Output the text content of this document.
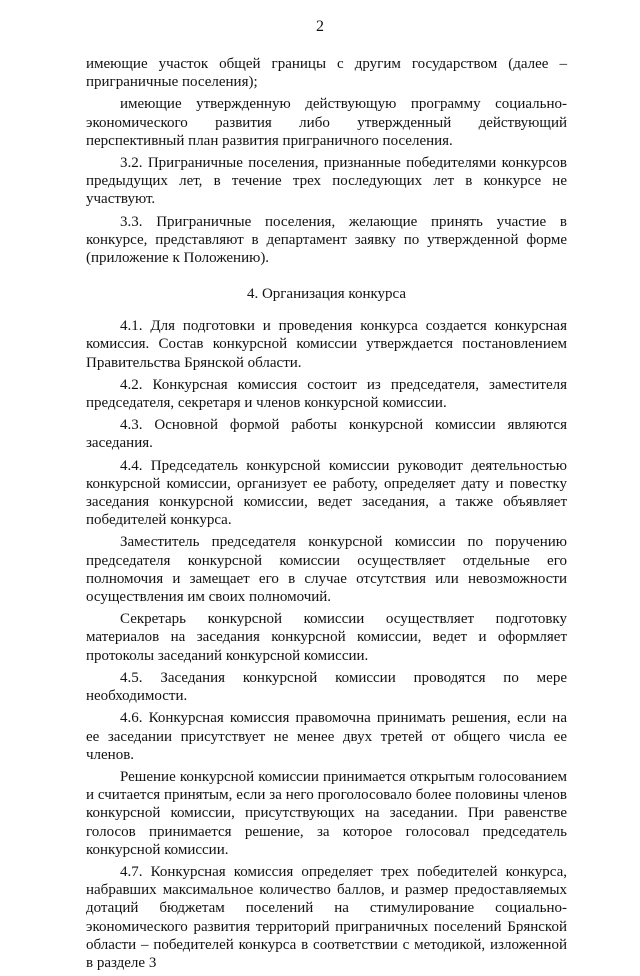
2

имеющие участок общей границы с другим государством (далее – приграничные поселения);

имеющие утвержденную действующую программу социально-экономического развития либо утвержденный действующий перспективный план развития приграничного поселения.

3.2. Приграничные поселения, признанные победителями конкурсов предыдущих лет, в течение трех последующих лет в конкурсе не участвуют.

3.3. Приграничные поселения, желающие принять участие в конкурсе, представляют в департамент заявку по утвержденной форме (приложение к Положению).

4. Организация конкурса

4.1. Для подготовки и проведения конкурса создается конкурсная комиссия. Состав конкурсной комиссии утверждается постановлением Правительства Брянской области.

4.2. Конкурсная комиссия состоит из председателя, заместителя председателя, секретаря и членов конкурсной комиссии.

4.3. Основной формой работы конкурсной комиссии являются заседания.

4.4. Председатель конкурсной комиссии руководит деятельностью конкурсной комиссии, организует ее работу, определяет дату и повестку заседания конкурсной комиссии, ведет заседания, а также объявляет победителей конкурса.

Заместитель председателя конкурсной комиссии по поручению председателя конкурсной комиссии осуществляет отдельные его полномочия и замещает его в случае отсутствия или невозможности осуществления им своих полномочий.

Секретарь конкурсной комиссии осуществляет подготовку материалов на заседания конкурсной комиссии, ведет и оформляет протоколы заседаний конкурсной комиссии.

4.5. Заседания конкурсной комиссии проводятся по мере необходимости.

4.6. Конкурсная комиссия правомочна принимать решения, если на ее заседании присутствует не менее двух третей от общего числа ее членов.

Решение конкурсной комиссии принимается открытым голосованием и считается принятым, если за него проголосовало более половины членов конкурсной комиссии, присутствующих на заседании. При равенстве голосов принимается решение, за которое голосовал председатель конкурсной комиссии.

4.7. Конкурсная комиссия определяет трех победителей конкурса, набравших максимальное количество баллов, и размер предоставляемых дотаций бюджетам поселений на стимулирование социально-экономического развития территорий приграничных поселений Брянской области – победителей конкурса в соответствии с методикой, изложенной в разделе 3
